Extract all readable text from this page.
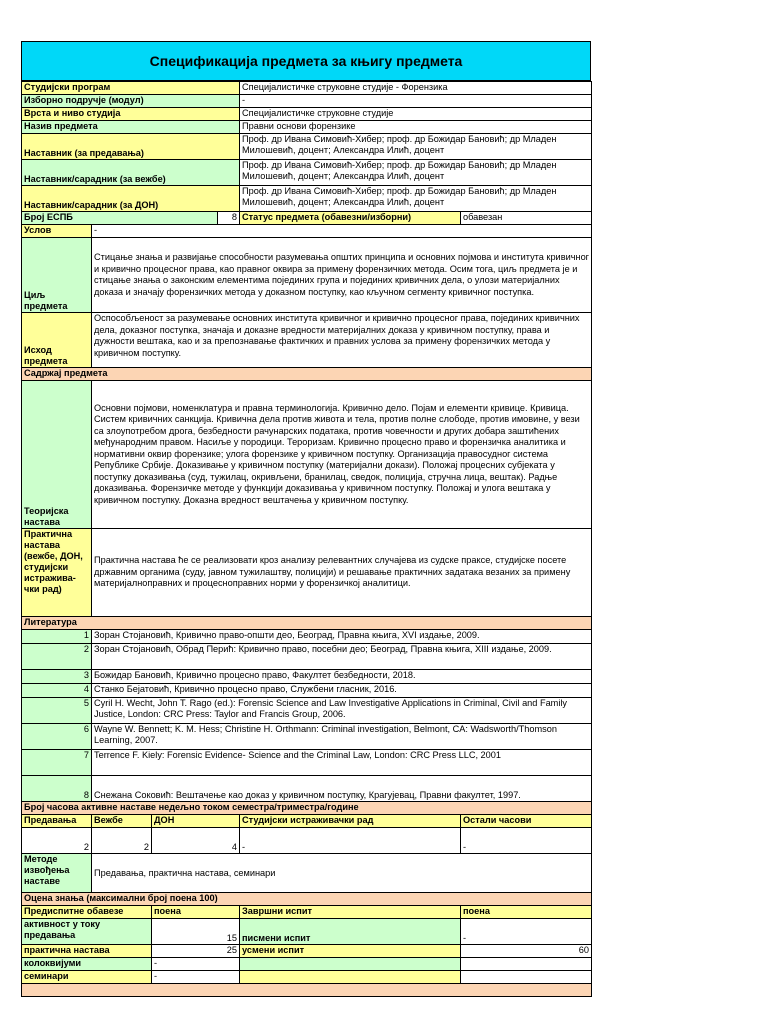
Спецификација предмета за књигу предмета
Студијски програм				Специјалистичке струковне студије - Форензика	
Изборно подручје (модул)				-	
Врста и ниво студија				Специјалистичке струковне студије	
Назив предмета				Правни основи форензике	
Наставник (за предавања)				Проф. др Ивана Симовић-Хибер; проф. др Божидар Бановић; др Младен Милошевић, доцент; Александра Илић, доцент	
Наставник/сарадник (за вежбе)				Проф. др Ивана Симовић-Хибер; проф. др Божидар Бановић; др Младен Милошевић, доцент; Александра Илић, доцент	
Наставник/сарадник (за ДОН)				Проф. др Ивана Симовић-Хибер; проф. др Божидар Бановић; др Младен Милошевић, доцент; Александра Илић, доцент	
Број ЕСПБ			8	Статус предмета (обавезни/изборни)	обавезан
Услов	-				
Циљ предмета	Стицање знања и развијање способности разумевања општих принципа и основних појмова и института кривичног и кривично процесног права, као правног оквира за примену форензичких метода. Осим тога, циљ предмета је и стицање знања о законским елементима појединих група и појединих кривичних дела, о улози материјалних доказа и значају форензичких метода у доказном поступку, као кључном сегменту кривичног поступка.				
Исход предмета	Оспособљеност за разумевање основних института кривичног и кривично процесног права, појединих кривичних дела, доказног поступка, значаја и доказне вредности материјалних доказа у кривичном поступку, права и дужности вештака, као и за препознавање фактичких и правних услова за примену форензичких метода у кривичном поступку.				
Садржај предмета					
Теоријска настава	Основни појмови, номенклатура и правна терминологија. Кривично дело. Појам и елементи кривице. Кривица. Систем кривичних санкција. Кривична дела против живота и тела, против полне слободе, против имовине, у вези са злоупотребом дрога, безбедности рачунарских података, против човечности и других добара заштићених међународним правом. Насиље у породици. Тероризам. Кривично процесно право и форензичка аналитика и нормативни оквир форензике; улога форензике у кривичном поступку. Организација правосудног система Републике Србије. Доказивање у кривичном поступку (материјални докази). Положај процесних субјеката у поступку доказивања (суд, тужилац, окривљени, бранилац, сведок, полиција, стручна лица, вештак). Радње доказивања. Форензичке методе у функцији доказивања у кривичном поступку. Положај и улога вештака у кривичном поступку. Доказна вредност вештачења у кривичном поступку.				
Практична настава (вежбе, ДОН, студијски истражива-чки рад)	Практична настава ће се реализовати кроз анализу релевантних случајева из судске праксе, студијске посете државним органима (суду, јавном тужилаштву, полицији) и решавање практичних задатака везаних за примену материјалноправних и процесноправних норми у форензичкој аналитици.				
Литература					
1	Зоран Стојановић, Кривично право-општи део, Београд, Правна књига, XVI издање, 2009.				
2	Зоран Стојановић, Обрад Перић: Кривично право, посебни део; Београд, Правна књига, XIII издање, 2009.				
3	Божидар Бановић, Кривично процесно право, Факултет безбедности, 2018.				
4	Станко Бејатовић, Кривично процесно право, Службени гласник, 2016.				
5	Cyril H. Wecht, John T. Rago (ed.): Forensic Science and Law Investigative Applications in Criminal, Civil and Family Justice, London: CRC Press: Taylor and Francis Group, 2006.				
6	Wayne W. Bennett; K. M. Hess; Christine H. Orthmann: Criminal investigation, Belmont, CA: Wadsworth/Thomson Learning, 2007.				
7	Terrence F. Kiely: Forensic Evidence- Science and the Criminal Law, London: CRC Press LLC, 2001				
8	Снежана Соковић: Вештачење као доказ у кривичном поступку, Крагујевац, Правни факултет, 1997.				
Број часова активне наставе недељно током семестра/триместра/године					
Предавања	Вежбе	ДОН		Студијски истраживачки рад	Остали часови
2	2	4		-	-
Методе извођења наставе	Предавања, практична настава, семинари				
Оцена знања (максимални број поена 100)					
Предиспитне обавезе		поена		Завршни испит	поена
активност у току предавања		15		писмени испит	-
практична настава		25		усмени испит	60
колоквијуми		-			
семинари		-			
